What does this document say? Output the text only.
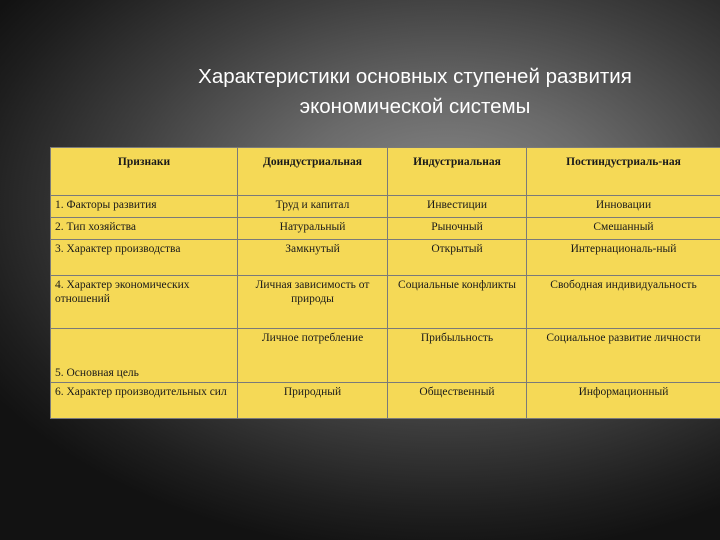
Характеристики основных ступеней развития
экономической системы
Признаки	Доиндустриальная	Индустриальная	Постиндустриаль-ная
1. Факторы развития	Труд и капитал	Инвестиции	Инновации
2. Тип хозяйства	Натуральный	Рыночный	Смешанный
3. Характер производства	Замкнутый	Открытый	Интернациональ-ный
4. Характер экономических отношений	Личная зависимость от природы	Социальные конфликты	Свободная индивидуальность
5. Основная цель	Личное потребление	Прибыльность	Социальное развитие личности
6. Характер производительных сил	Природный	Общественный	Информационный
